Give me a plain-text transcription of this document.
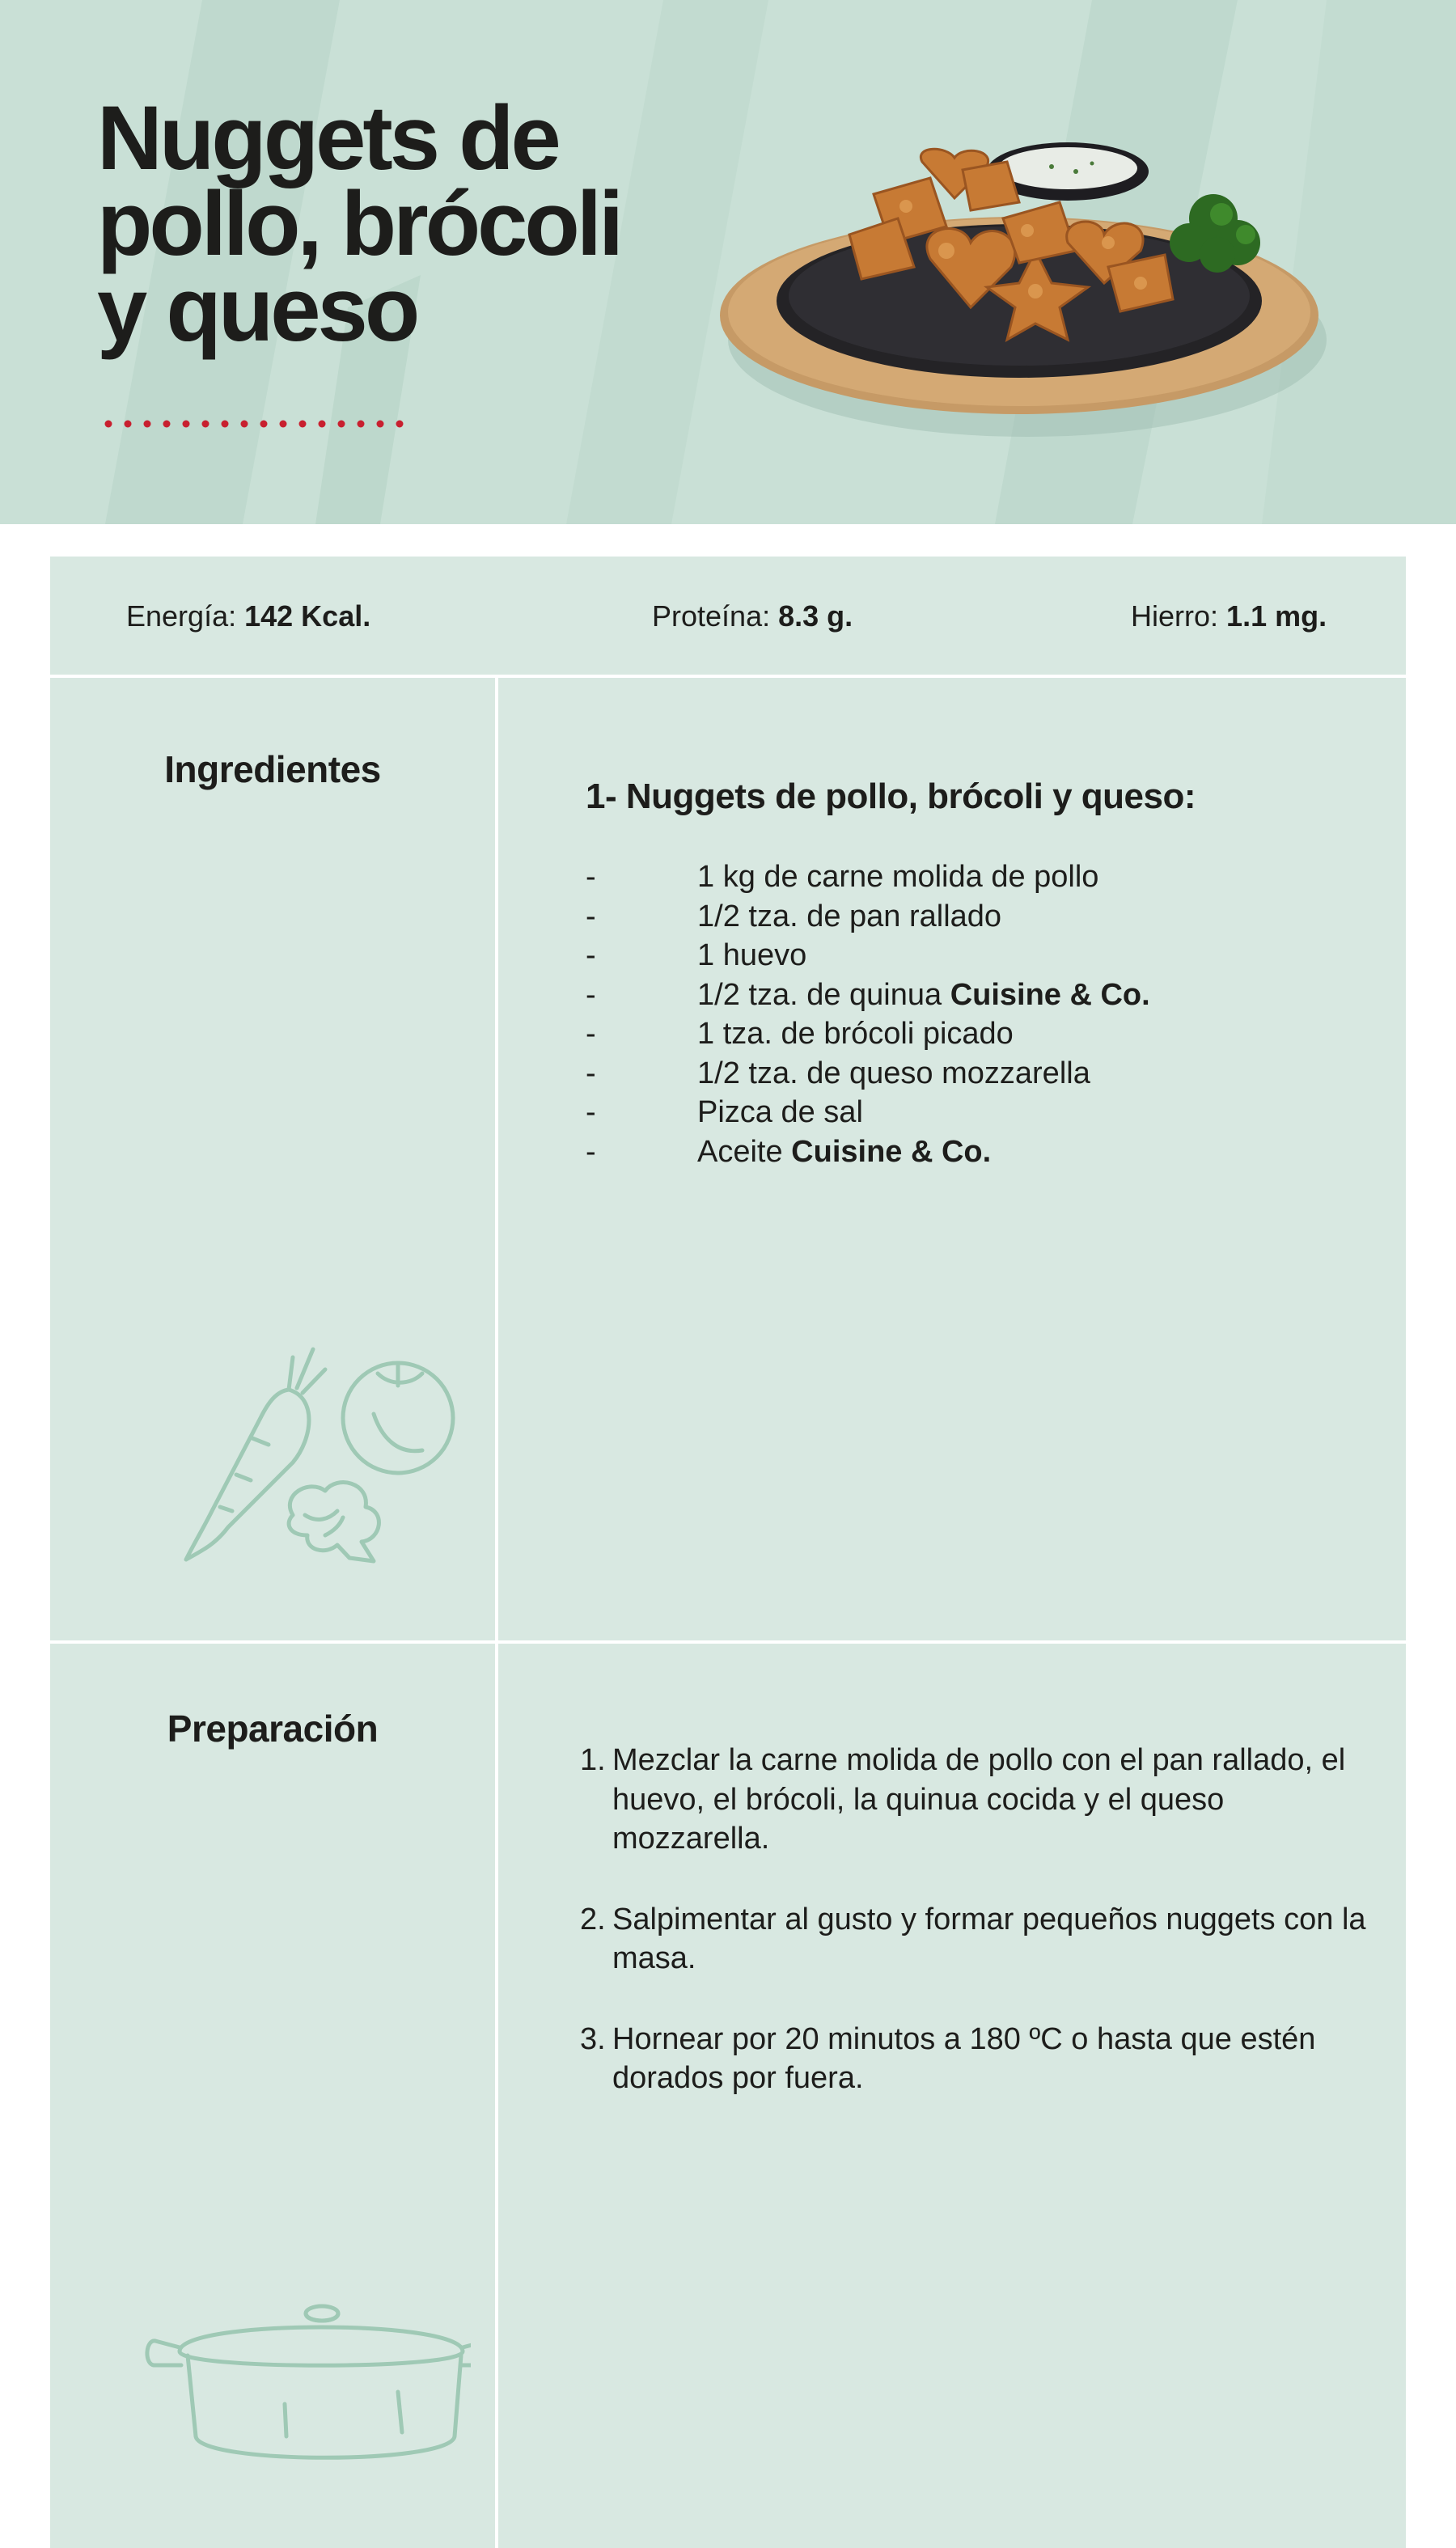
Nuggets de
pollo, brócoli
y queso
Energía: 142 Kcal.	Proteína: 8.3 g.	Hierro: 1.1 mg.
Ingredientes
1- Nuggets de pollo, brócoli y queso:
-	1 kg de carne molida de pollo
-	1/2 tza. de pan rallado
-	1 huevo
-	1/2 tza. de quinua Cuisine & Co.
-	1 tza. de brócoli picado
-	1/2 tza. de queso mozzarella
-	Pizca de sal
-	Aceite Cuisine & Co.
Preparación
1. Mezclar la carne molida de pollo con el pan rallado, el huevo, el brócoli, la quinua cocida y el queso mozzarella.
2. Salpimentar al gusto y formar pequeños nuggets con la masa.
3. Hornear por 20 minutos a 180 ºC o hasta que estén dorados por fuera.
